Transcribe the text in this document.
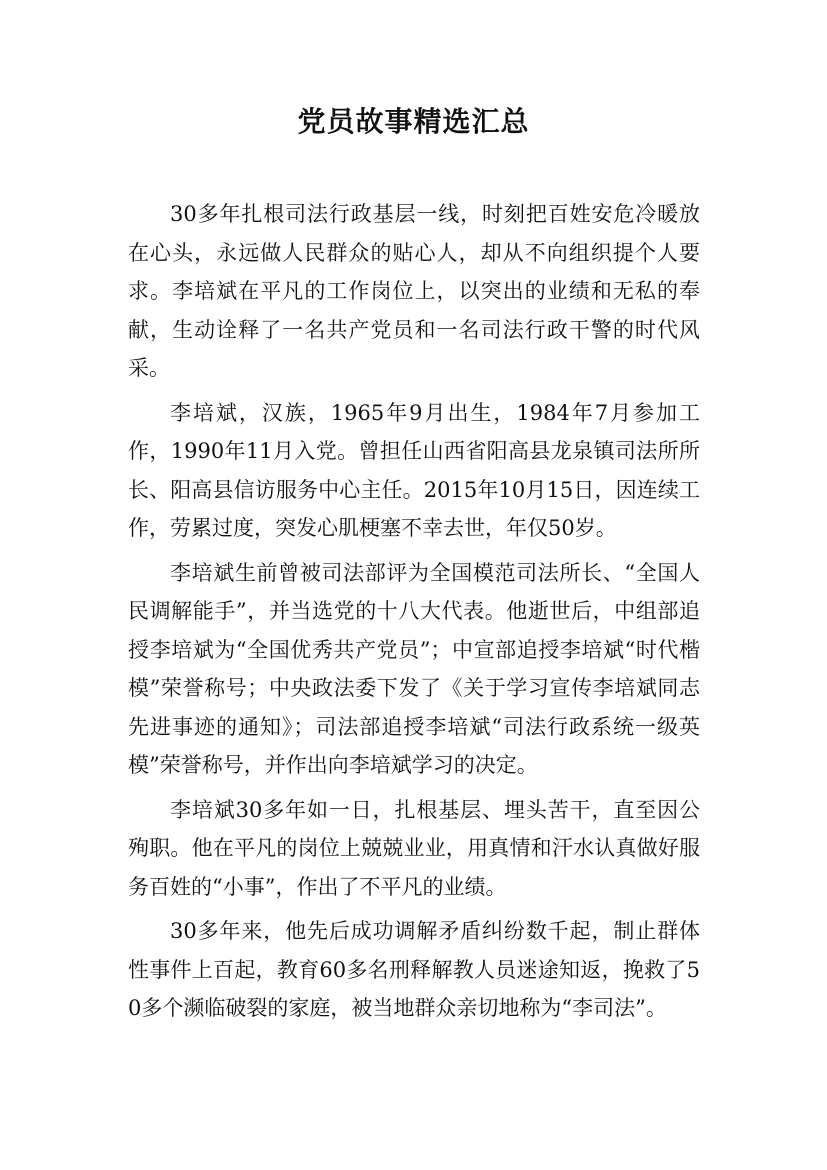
党员故事精选汇总

30多年扎根司法行政基层一线，时刻把百姓安危冷暖放在心头，永远做人民群众的贴心人，却从不向组织提个人要求。李培斌在平凡的工作岗位上，以突出的业绩和无私的奉献，生动诠释了一名共产党员和一名司法行政干警的时代风采。

李培斌，汉族，1965年9月出生，1984年7月参加工作，1990年11月入党。曾担任山西省阳高县龙泉镇司法所所长、阳高县信访服务中心主任。2015年10月15日，因连续工作，劳累过度，突发心肌梗塞不幸去世，年仅50岁。

李培斌生前曾被司法部评为全国模范司法所长、“全国人民调解能手”，并当选党的十八大代表。他逝世后，中组部追授李培斌为“全国优秀共产党员”；中宣部追授李培斌“时代楷模”荣誉称号；中央政法委下发了《关于学习宣传李培斌同志先进事迹的通知》；司法部追授李培斌“司法行政系统一级英模”荣誉称号，并作出向李培斌学习的决定。

李培斌30多年如一日，扎根基层、埋头苦干，直至因公殉职。他在平凡的岗位上兢兢业业，用真情和汗水认真做好服务百姓的“小事”，作出了不平凡的业绩。

30多年来，他先后成功调解矛盾纠纷数千起，制止群体性事件上百起，教育60多名刑释解教人员迷途知返，挽救了50多个濒临破裂的家庭，被当地群众亲切地称为“李司法”。
